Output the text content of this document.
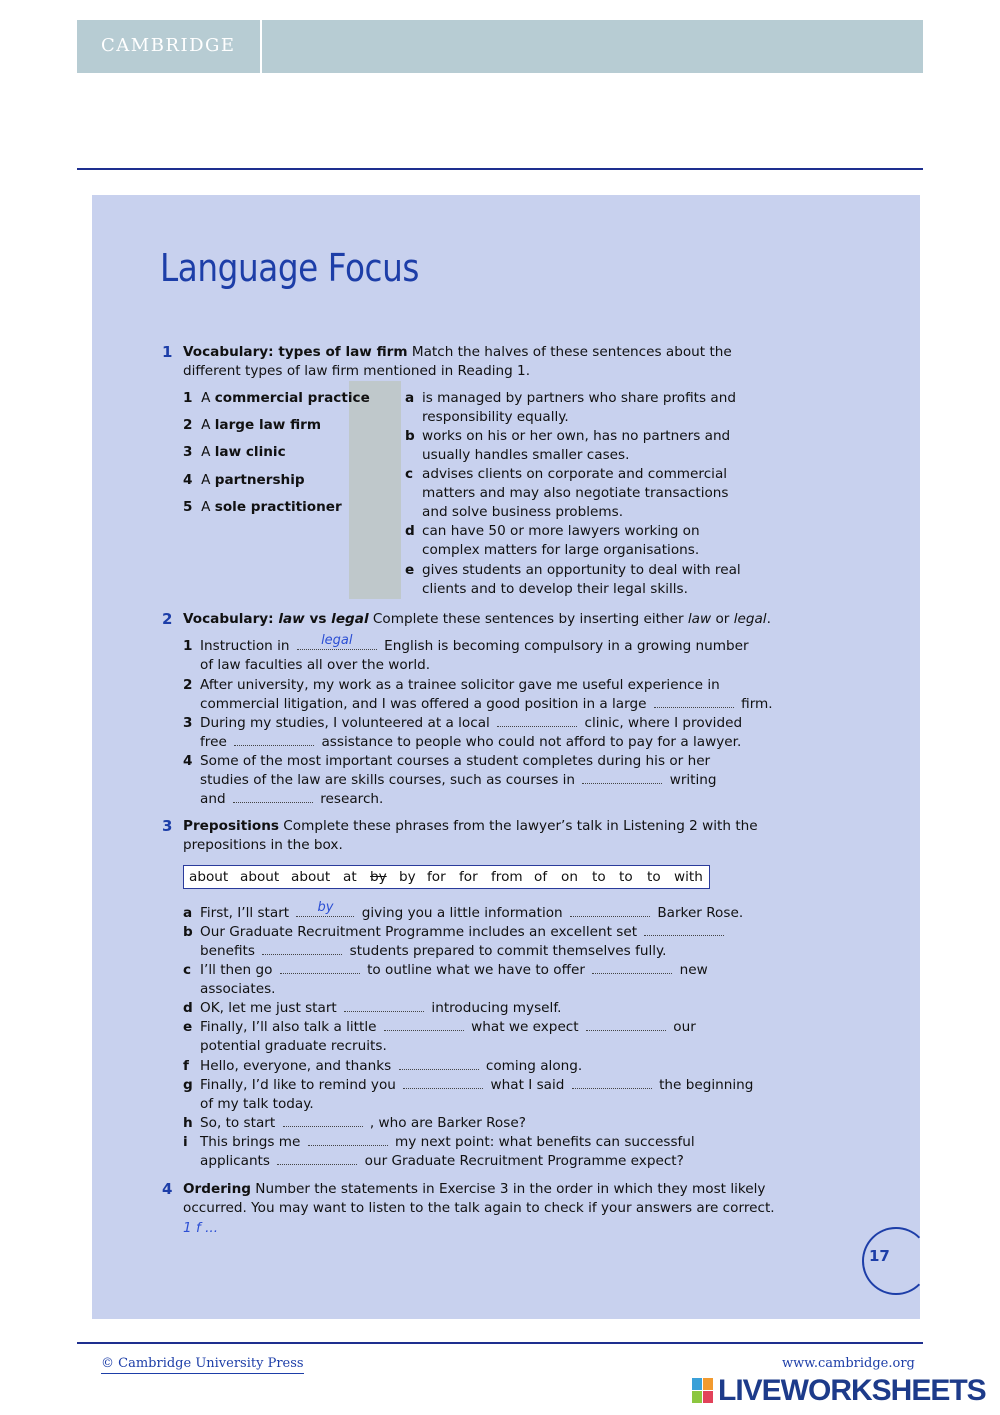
CAMBRIDGE
Language Focus
1 Vocabulary: types of law firm Match the halves of these sentences about the
different types of law firm mentioned in Reading 1.
1 A commercial practice
2 A large law firm
3 A law clinic
4 A partnership
5 A sole practitioner
a is managed by partners who share profits and
responsibility equally.
b works on his or her own, has no partners and
usually handles smaller cases.
c advises clients on corporate and commercial
matters and may also negotiate transactions
and solve business problems.
d can have 50 or more lawyers working on
complex matters for large organisations.
e gives students an opportunity to deal with real
clients and to develop their legal skills.
2 Vocabulary: law vs legal Complete these sentences by inserting either law or legal.
1 Instruction in	legal	English is becoming compulsory in a growing number
of law faculties all over the world.
2 After university, my work as a trainee solicitor gave me useful experience in
commercial litigation, and I was offered a good position in a large	firm.
3 During my studies, I volunteered at a local	clinic, where I provided
free	assistance to people who could not afford to pay for a lawyer.
4 Some of the most important courses a student completes during his or her
studies of the law are skills courses, such as courses in	writing
and	research.
3 Prepositions Complete these phrases from the lawyer’s talk in Listening 2 with the
prepositions in the box.
about about about at by by for for from of on to to to with
a First, I’ll start	by	giving you a little information	Barker Rose.
b Our Graduate Recruitment Programme includes an excellent set
benefits	students prepared to commit themselves fully.
c I’ll then go	to outline what we have to offer	new
associates.
d OK, let me just start	introducing myself.
e Finally, I’ll also talk a little	what we expect	our
potential graduate recruits.
f Hello, everyone, and thanks	coming along.
g Finally, I’d like to remind you	what I said	the beginning
of my talk today.
h So, to start	, who are Barker Rose?
i This brings me	my next point: what benefits can successful
applicants	our Graduate Recruitment Programme expect?
4 Ordering Number the statements in Exercise 3 in the order in which they most likely
occurred. You may want to listen to the talk again to check if your answers are correct.
1 f ...
17
© Cambridge University Press	www.cambridge.org
LIVEWORKSHEETS
